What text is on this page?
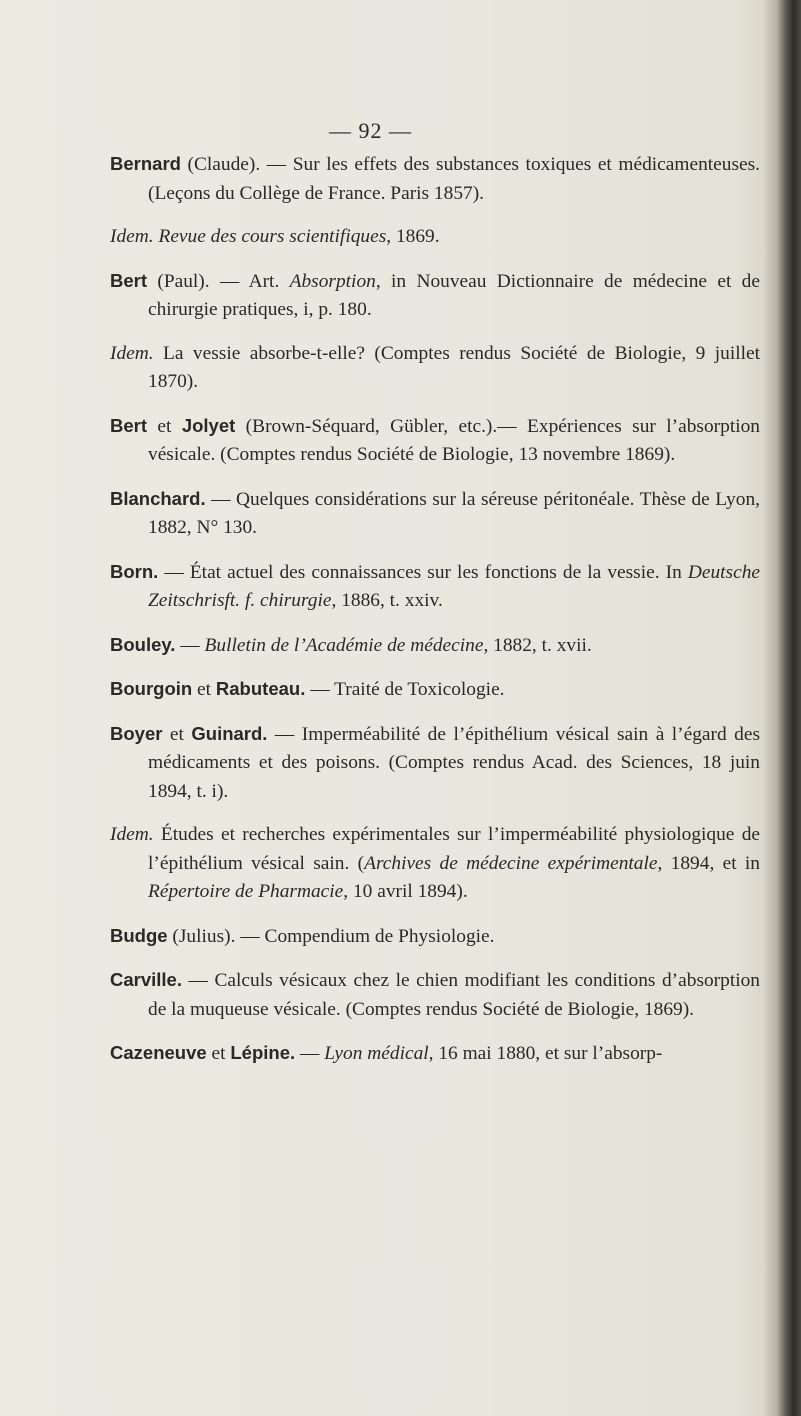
— 92 —

Bernard (Claude). — Sur les effets des substances toxiques et médicamenteuses. (Leçons du Collège de France. Paris 1857).

Idem. Revue des cours scientifiques, 1869.

Bert (Paul). — Art. Absorption, in Nouveau Dictionnaire de médecine et de chirurgie pratiques, i, p. 180.

Idem. La vessie absorbe-t-elle? (Comptes rendus Société de Biologie, 9 juillet 1870).

Bert et Jolyet (Brown-Séquard, Gübler, etc.).— Expériences sur l’absorption vésicale. (Comptes rendus Société de Biologie, 13 novembre 1869).

Blanchard. — Quelques considérations sur la séreuse péritonéale. Thèse de Lyon, 1882, N° 130.

Born. — État actuel des connaissances sur les fonctions de la vessie. In Deutsche Zeitschrisft. f. chirurgie, 1886, t. xxiv.

Bouley. — Bulletin de l’Académie de médecine, 1882, t. xvii.

Bourgoin et Rabuteau. — Traité de Toxicologie.

Boyer et Guinard. — Imperméabilité de l’épithélium vésical sain à l’égard des médicaments et des poisons. (Comptes rendus Acad. des Sciences, 18 juin 1894, t. i).

Idem. Études et recherches expérimentales sur l’imperméabilité physiologique de l’épithélium vésical sain. (Archives de médecine expérimentale, 1894, et in Répertoire de Pharmacie, 10 avril 1894).

Budge (Julius). — Compendium de Physiologie.

Carville. — Calculs vésicaux chez le chien modifiant les conditions d’absorption de la muqueuse vésicale. (Comptes rendus Société de Biologie, 1869).

Cazeneuve et Lépine. — Lyon médical, 16 mai 1880, et sur l’absorp-
